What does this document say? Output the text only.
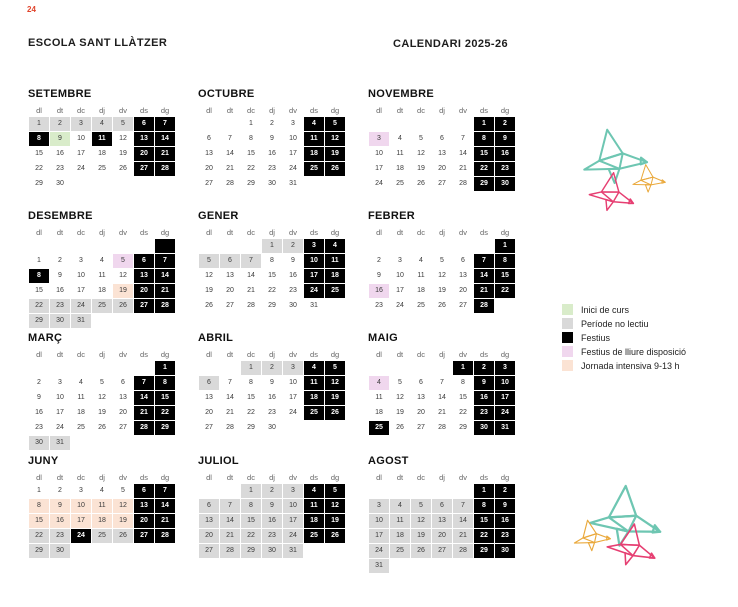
24
ESCOLA SANT LLÀTZER	CALENDARI 2025-26
SETEMBRE
dl	dt	dc	dj	dv	ds	dg
1	2	3	4	5	6	7
8	9	10	11	12	13	14
15	16	17	18	19	20	21
22	23	24	25	26	27	28
29	30					
OCTUBRE
dl	dt	dc	dj	dv	ds	dg
		1	2	3	4	5
6	7	8	9	10	11	12
13	14	15	16	17	18	19
20	21	22	23	24	25	26
27	28	29	30	31		
NOVEMBRE
dl	dt	dc	dj	dv	ds	dg
					1	2
3	4	5	6	7	8	9
10	11	12	13	14	15	16
17	18	19	20	21	22	23
24	25	26	27	28	29	30
DESEMBRE
dl	dt	dc	dj	dv	ds	dg

1	2	3	4	5	6	7
8	9	10	11	12	13	14
15	16	17	18	19	20	21
22	23	24	25	26	27	28
29	30	31				
GENER
dl	dt	dc	dj	dv	ds	dg
			1	2	3	4
5	6	7	8	9	10	11
12	13	14	15	16	17	18
19	20	21	22	23	24	25
26	27	28	29	30	31	
FEBRER
dl	dt	dc	dj	dv	ds	dg
						1
2	3	4	5	6	7	8
9	10	11	12	13	14	15
16	17	18	19	20	21	22
23	24	25	26	27	28	
MARÇ
dl	dt	dc	dj	dv	ds	dg
						1
2	3	4	5	6	7	8
9	10	11	12	13	14	15
16	17	18	19	20	21	22
23	24	25	26	27	28	29
30	31					
ABRIL
dl	dt	dc	dj	dv	ds	dg
		1	2	3	4	5
6	7	8	9	10	11	12
13	14	15	16	17	18	19
20	21	22	23	24	25	26
27	28	29	30			
MAIG
dl	dt	dc	dj	dv	ds	dg
				1	2	3
4	5	6	7	8	9	10
11	12	13	14	15	16	17
18	19	20	21	22	23	24
25	26	27	28	29	30	31
JUNY
dl	dt	dc	dj	dv	ds	dg
1	2	3	4	5	6	7
8	9	10	11	12	13	14
15	16	17	18	19	20	21
22	23	24	25	26	27	28
29	30					
JULIOL
dl	dt	dc	dj	dv	ds	dg
		1	2	3	4	5
6	7	8	9	10	11	12
13	14	15	16	17	18	19
20	21	22	23	24	25	26
27	28	29	30	31		
AGOST
dl	dt	dc	dj	dv	ds	dg
					1	2
3	4	5	6	7	8	9
10	11	12	13	14	15	16
17	18	19	20	21	22	23
24	25	26	27	28	29	30
31						
Inici de curs
Període no lectiu
Festius
Festius de lliure disposició
Jornada intensiva 9-13 h
